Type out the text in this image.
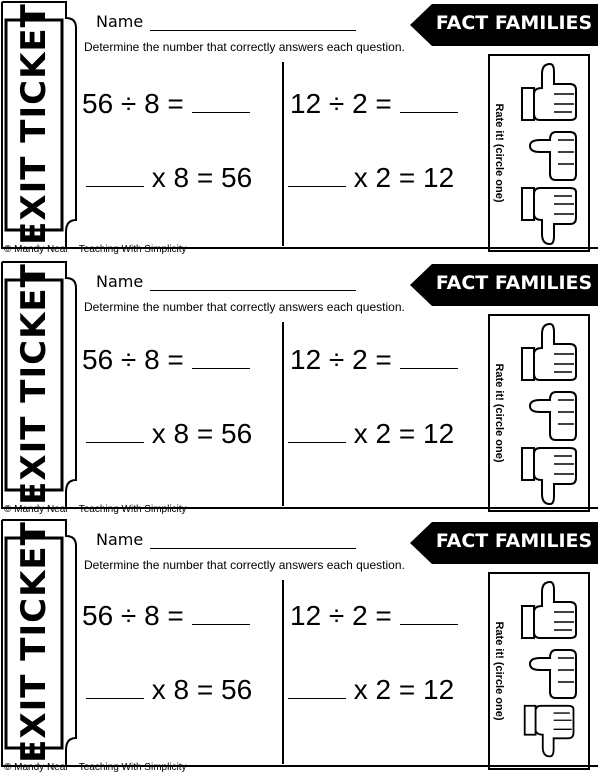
EXIT TICKET	Name
Determine the number that correctly answers each question.
FACT FAMILIES
56 ÷ 8 =	12 ÷ 2 =
x 8 = 56	x 2 = 12	Rate it! (circle one)
© Mandy Neal ~ Teaching With Simplicity
EXIT TICKET	Name
Determine the number that correctly answers each question.
FACT FAMILIES
56 ÷ 8 =	12 ÷ 2 =
x 8 = 56	x 2 = 12	Rate it! (circle one)
© Mandy Neal ~ Teaching With Simplicity
EXIT TICKET	Name
Determine the number that correctly answers each question.
FACT FAMILIES
56 ÷ 8 =	12 ÷ 2 =
x 8 = 56	x 2 = 12	Rate it! (circle one)
© Mandy Neal ~ Teaching With Simplicity
